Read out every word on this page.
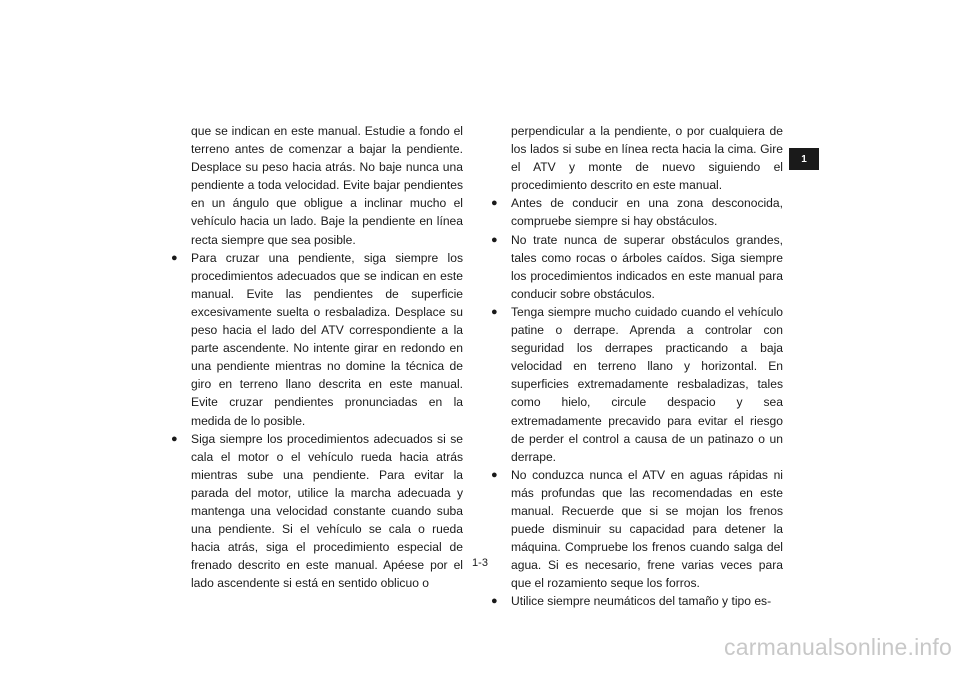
1

que se indican en este manual. Estudie a fondo el terreno antes de comenzar a bajar la pendiente. Desplace su peso hacia atrás. No baje nunca una pendiente a toda velocidad. Evite bajar pendientes en un ángulo que obligue a inclinar mucho el vehículo hacia un lado. Baje la pendiente en línea recta siempre que sea posible.

● Para cruzar una pendiente, siga siempre los procedimientos adecuados que se indican en este manual. Evite las pendientes de superficie excesivamente suelta o resbaladiza. Desplace su peso hacia el lado del ATV correspondiente a la parte ascendente. No intente girar en redondo en una pendiente mientras no domine la técnica de giro en terreno llano descrita en este manual. Evite cruzar pendientes pronunciadas en la medida de lo posible.
● Siga siempre los procedimientos adecuados si se cala el motor o el vehículo rueda hacia atrás mientras sube una pendiente. Para evitar la parada del motor, utilice la marcha adecuada y mantenga una velocidad constante cuando suba una pendiente. Si el vehículo se cala o rueda hacia atrás, siga el procedimiento especial de frenado descrito en este manual. Apéese por el lado ascendente si está en sentido oblicuo o

perpendicular a la pendiente, o por cualquiera de los lados si sube en línea recta hacia la cima. Gire el ATV y monte de nuevo siguiendo el procedimiento descrito en este manual.

● Antes de conducir en una zona desconocida, compruebe siempre si hay obstáculos.
● No trate nunca de superar obstáculos grandes, tales como rocas o árboles caídos. Siga siempre los procedimientos indicados en este manual para conducir sobre obstáculos.
● Tenga siempre mucho cuidado cuando el vehículo patine o derrape. Aprenda a controlar con seguridad los derrapes practicando a baja velocidad en terreno llano y horizontal. En superficies extremadamente resbaladizas, tales como hielo, circule despacio y sea extremadamente precavido para evitar el riesgo de perder el control a causa de un patinazo o un derrape.
● No conduzca nunca el ATV en aguas rápidas ni más profundas que las recomendadas en este manual. Recuerde que si se mojan los frenos puede disminuir su capacidad para detener la máquina. Compruebe los frenos cuando salga del agua. Si es necesario, frene varias veces para que el rozamiento seque los forros.
● Utilice siempre neumáticos del tamaño y tipo es-
1-3
carmanualsonline.info
